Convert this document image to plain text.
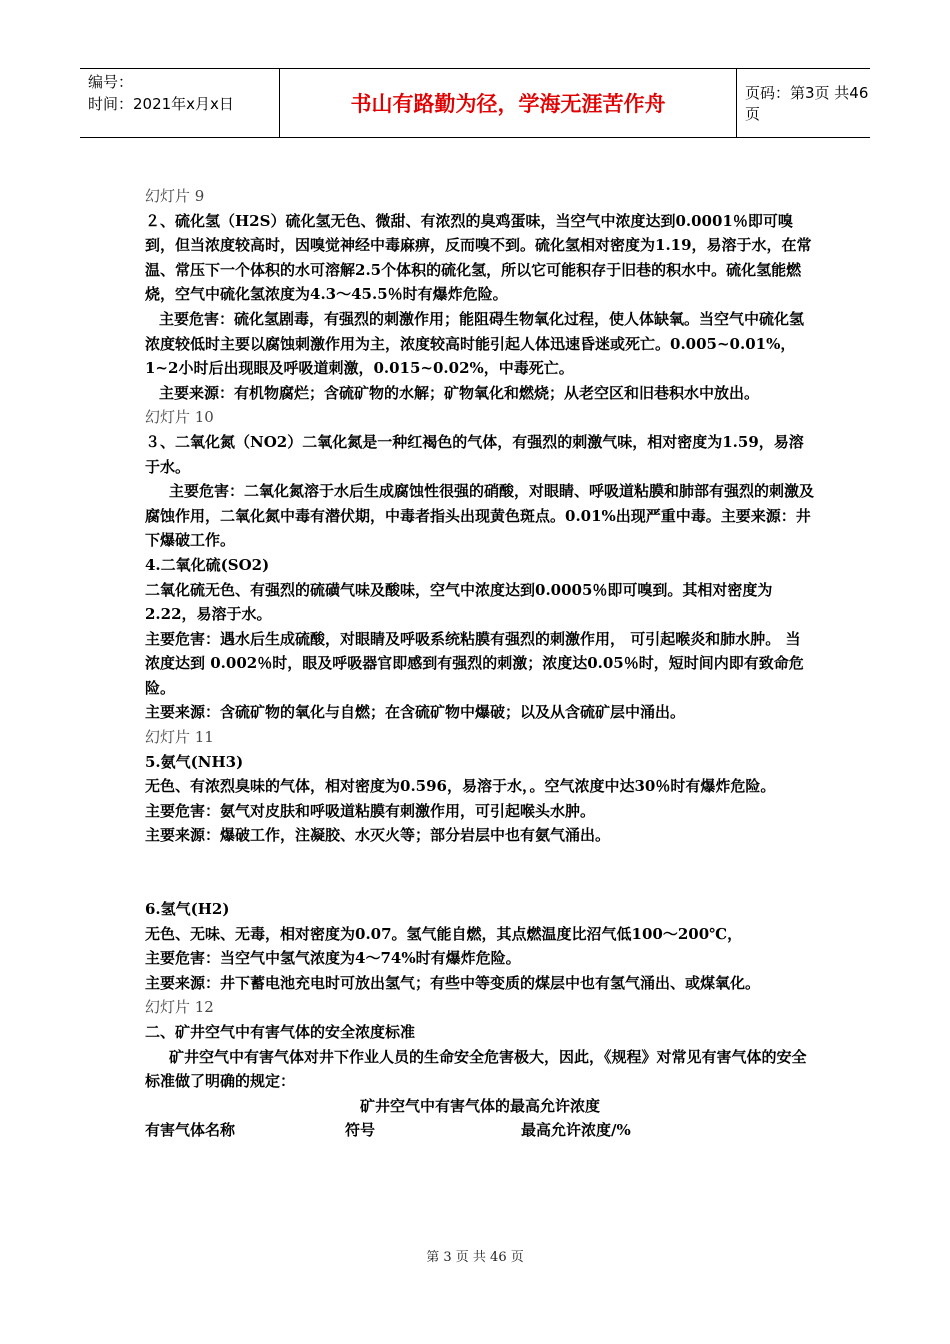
编号：
时间：2021年x月x日	书山有路勤为径，学海无涯苦作舟	页码：第3页 共46页

幻灯片 9

２、硫化氢（H2S）硫化氢无色、微甜、有浓烈的臭鸡蛋味，当空气中浓度达到0.0001％即可嗅到，但当浓度较高时，因嗅觉神经中毒麻痹，反而嗅不到。硫化氢相对密度为1.19，易溶于水，在常温、常压下一个体积的水可溶解2.5个体积的硫化氢，所以它可能积存于旧巷的积水中。硫化氢能燃烧，空气中硫化氢浓度为4.3～45.5％时有爆炸危险。

主要危害：硫化氢剧毒，有强烈的刺激作用；能阻碍生物氧化过程，使人体缺氧。当空气中硫化氢浓度较低时主要以腐蚀刺激作用为主，浓度较高时能引起人体迅速昏迷或死亡。0.005~0.01%，1~2小时后出现眼及呼吸道刺激，0.015~0.02%，中毒死亡。

主要来源：有机物腐烂；含硫矿物的水解；矿物氧化和燃烧；从老空区和旧巷积水中放出。

幻灯片 10

３、二氧化氮（NO2）二氧化氮是一种红褐色的气体，有强烈的刺激气味，相对密度为1.59，易溶于水。

主要危害：二氧化氮溶于水后生成腐蚀性很强的硝酸，对眼睛、呼吸道粘膜和肺部有强烈的刺激及腐蚀作用，二氧化氮中毒有潜伏期，中毒者指头出现黄色斑点。0.01%出现严重中毒。主要来源：井下爆破工作。

4.二氧化硫(SO2)

二氧化硫无色、有强烈的硫磺气味及酸味，空气中浓度达到0.0005％即可嗅到。其相对密度为2.22，易溶于水。

主要危害：遇水后生成硫酸，对眼睛及呼吸系统粘膜有强烈的刺激作用， 可引起喉炎和肺水肿。 当浓度达到 0.002％时，眼及呼吸器官即感到有强烈的刺激；浓度达0.05％时，短时间内即有致命危险。

主要来源：含硫矿物的氧化与自燃；在含硫矿物中爆破；以及从含硫矿层中涌出。

幻灯片 11

5.氨气(NH3)

无色、有浓烈臭味的气体，相对密度为0.596，易溶于水，。空气浓度中达30％时有爆炸危险。

主要危害：氨气对皮肤和呼吸道粘膜有刺激作用，可引起喉头水肿。

主要来源：爆破工作，注凝胶、水灭火等；部分岩层中也有氨气涌出。

6.氢气(H2)

无色、无味、无毒，相对密度为0.07。氢气能自燃，其点燃温度比沼气低100～200℃，

主要危害：当空气中氢气浓度为4～74%时有爆炸危险。

主要来源：井下蓄电池充电时可放出氢气；有些中等变质的煤层中也有氢气涌出、或煤氧化。

幻灯片 12

二、矿井空气中有害气体的安全浓度标准

矿井空气中有害气体对井下作业人员的生命安全危害极大，因此，《规程》对常见有害气体的安全标准做了明确的规定：

矿井空气中有害气体的最高允许浓度

有害气体名称	符号	最高允许浓度/%
第 3 页 共 46 页
